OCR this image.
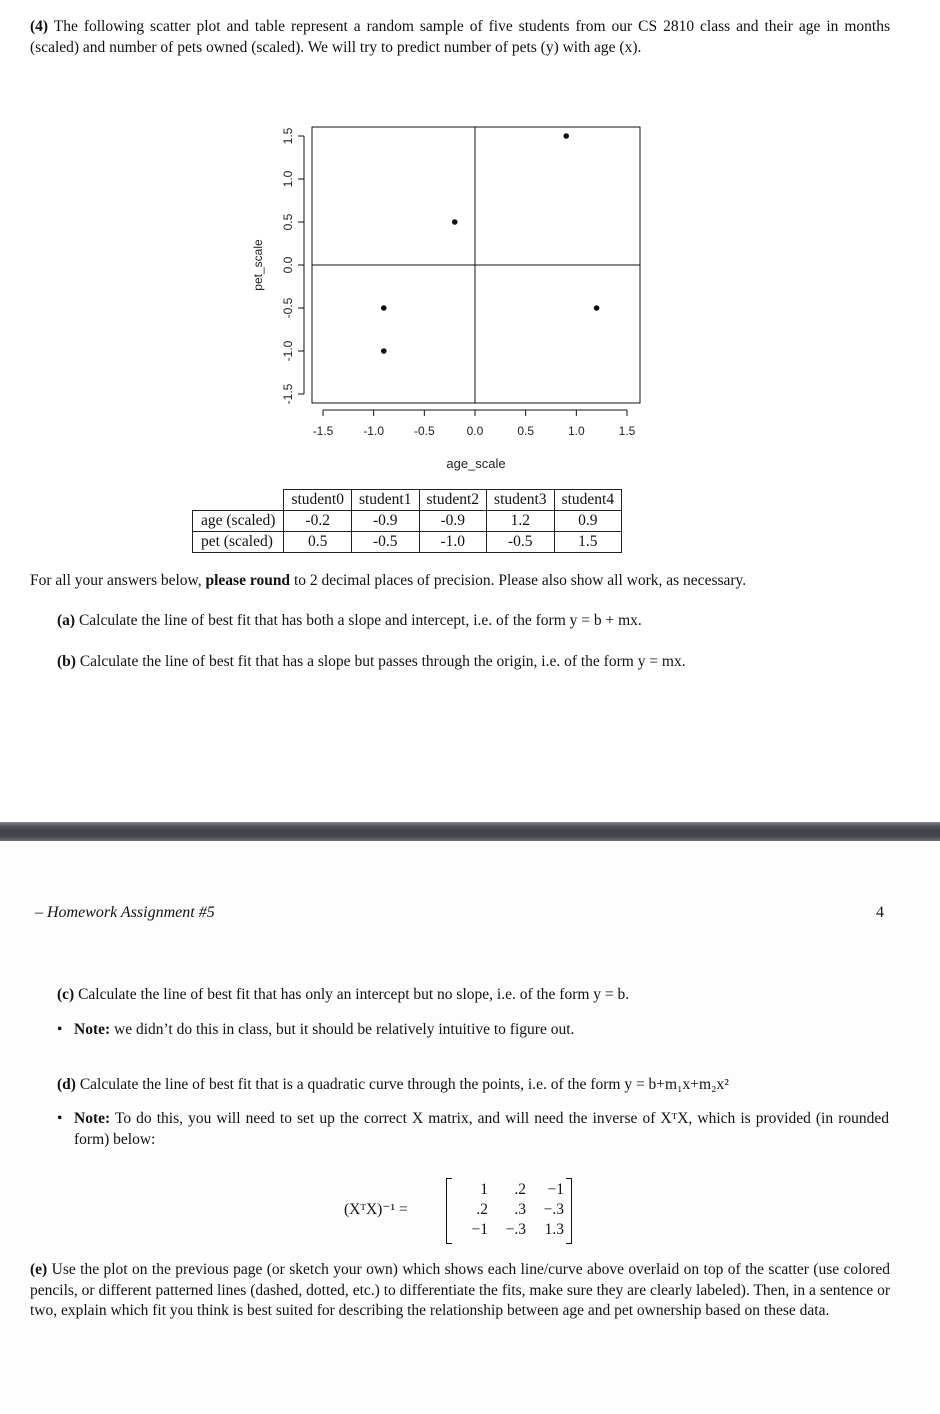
(4) The following scatter plot and table represent a random sample of five students from our CS 2810 class and their age in months (scaled) and number of pets owned (scaled). We will try to predict number of pets (y) with age (x).
-1.5 -1.0 -0.5	0.0	0.5	1.0	1.5
-1.5
-1.0
-0.5
0.0
0.5
1.0
1.5
age_scale
pet_scale
	student0	student1	student2	student3	student4
age (scaled)	-0.2	-0.9	-0.9	1.2	0.9
pet (scaled)	0.5	-0.5	-1.0	-0.5	1.5
For all your answers below, please round to 2 decimal places of precision. Please also show all work, as necessary.
(a) Calculate the line of best fit that has both a slope and intercept, i.e. of the form y = b + mx.
(b) Calculate the line of best fit that has a slope but passes through the origin, i.e. of the form y = mx.
– Homework Assignment #5	4
(c) Calculate the line of best fit that has only an intercept but no slope, i.e. of the form y = b.
• Note: we didn’t do this in class, but it should be relatively intuitive to figure out.
(d) Calculate the line of best fit that is a quadratic curve through the points, i.e. of the form y = b+m₁x+m₂x²
• Note: To do this, you will need to set up the correct X matrix, and will need the inverse of XᵀX, which is provided (in rounded form) below:
(XᵀX)⁻¹ =
1	.2	−1
.2	.3	−.3
−1	−.3	1.3
(e) Use the plot on the previous page (or sketch your own) which shows each line/curve above overlaid on top of the scatter (use colored pencils, or different patterned lines (dashed, dotted, etc.) to differentiate the fits, make sure they are clearly labeled). Then, in a sentence or two, explain which fit you think is best suited for describing the relationship between age and pet ownership based on these data.
